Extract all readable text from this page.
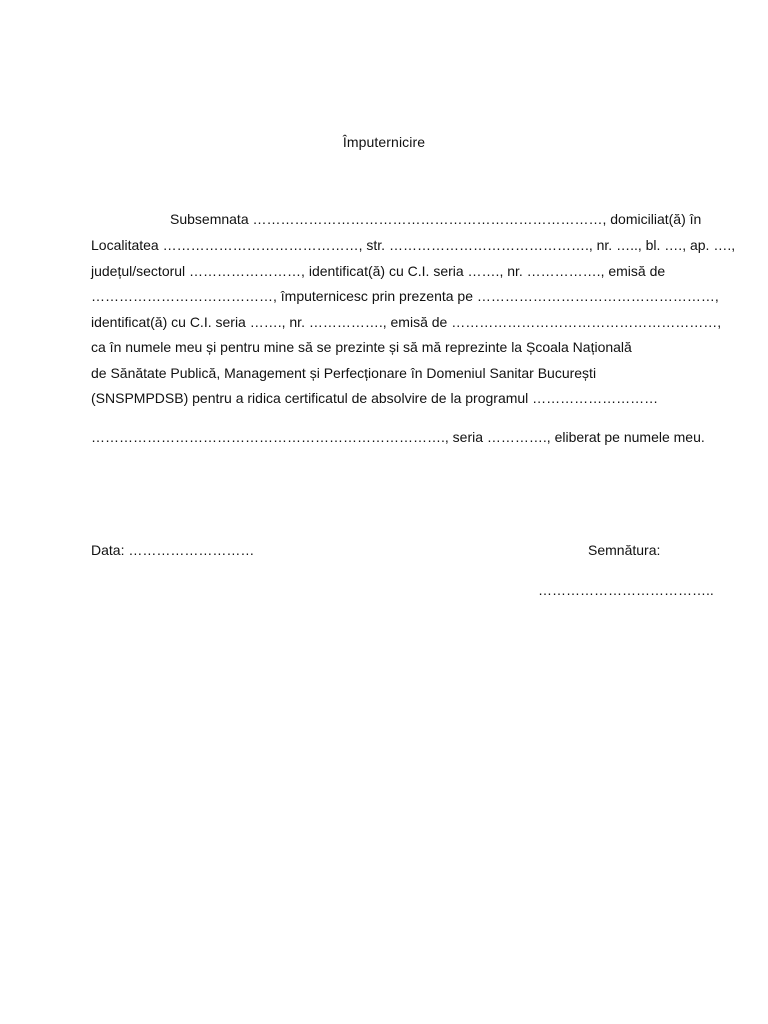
Împuternicire
Subsemnata …………………………………………………………………, domiciliat(ă) în
Localitatea ……………………………………, str. ……………………………………., nr. ….., bl. …., ap. ….,
județul/sectorul ……………………, identificat(ă) cu C.I. seria ……., nr. ……………., emisă de
…………………………………, împuternicesc prin prezenta pe ……………………………………………,
identificat(ă) cu C.I. seria ……., nr. ……………., emisă de …………………………………………………,
ca în numele meu și pentru mine să se prezinte și să mă reprezinte la Școala Națională
de Sănătate Publică, Management și Perfecționare în Domeniul Sanitar București
(SNSPMPDSB) pentru a ridica certificatul de absolvire de la programul ………………………
…………………………………………………………………., seria …………., eliberat pe numele meu.
Data: ………………………	Semnătura:
………………………………..
